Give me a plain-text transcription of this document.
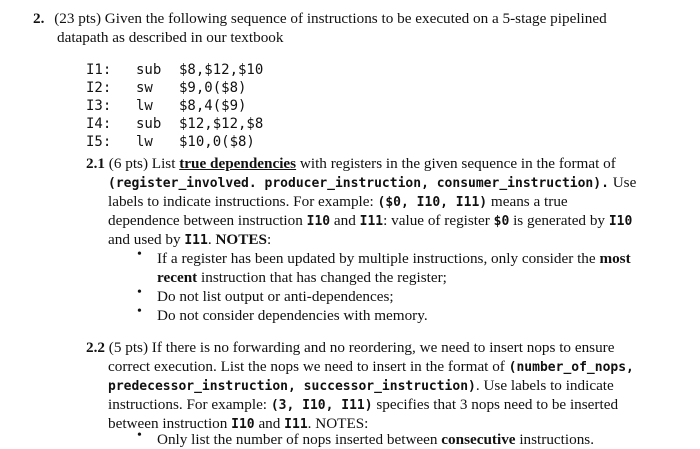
2. (23 pts) Given the following sequence of instructions to be executed on a 5-stage pipelined
datapath as described in our textbook
I1: sub $8,$12,$10
I2: sw $9,0($8)
I3: lw $8,4($9)
I4: sub $12,$12,$8
I5: lw $10,0($8)
2.1 (6 pts) List true dependencies with registers in the given sequence in the format of
(register_involved. producer_instruction, consumer_instruction). Use
labels to indicate instructions. For example: ($0, I10, I11) means a true
dependence between instruction I10 and I11: value of register $0 is generated by I10
and used by I11. NOTES:
• If a register has been updated by multiple instructions, only consider the most
recent instruction that has changed the register;
• Do not list output or anti-dependences;
• Do not consider dependencies with memory.
2.2 (5 pts) If there is no forwarding and no reordering, we need to insert nops to ensure
correct execution. List the nops we need to insert in the format of (number_of_nops,
predecessor_instruction, successor_instruction). Use labels to indicate
instructions. For example: (3, I10, I11) specifies that 3 nops need to be inserted
between instruction I10 and I11. NOTES:
• Only list the number of nops inserted between consecutive instructions.
